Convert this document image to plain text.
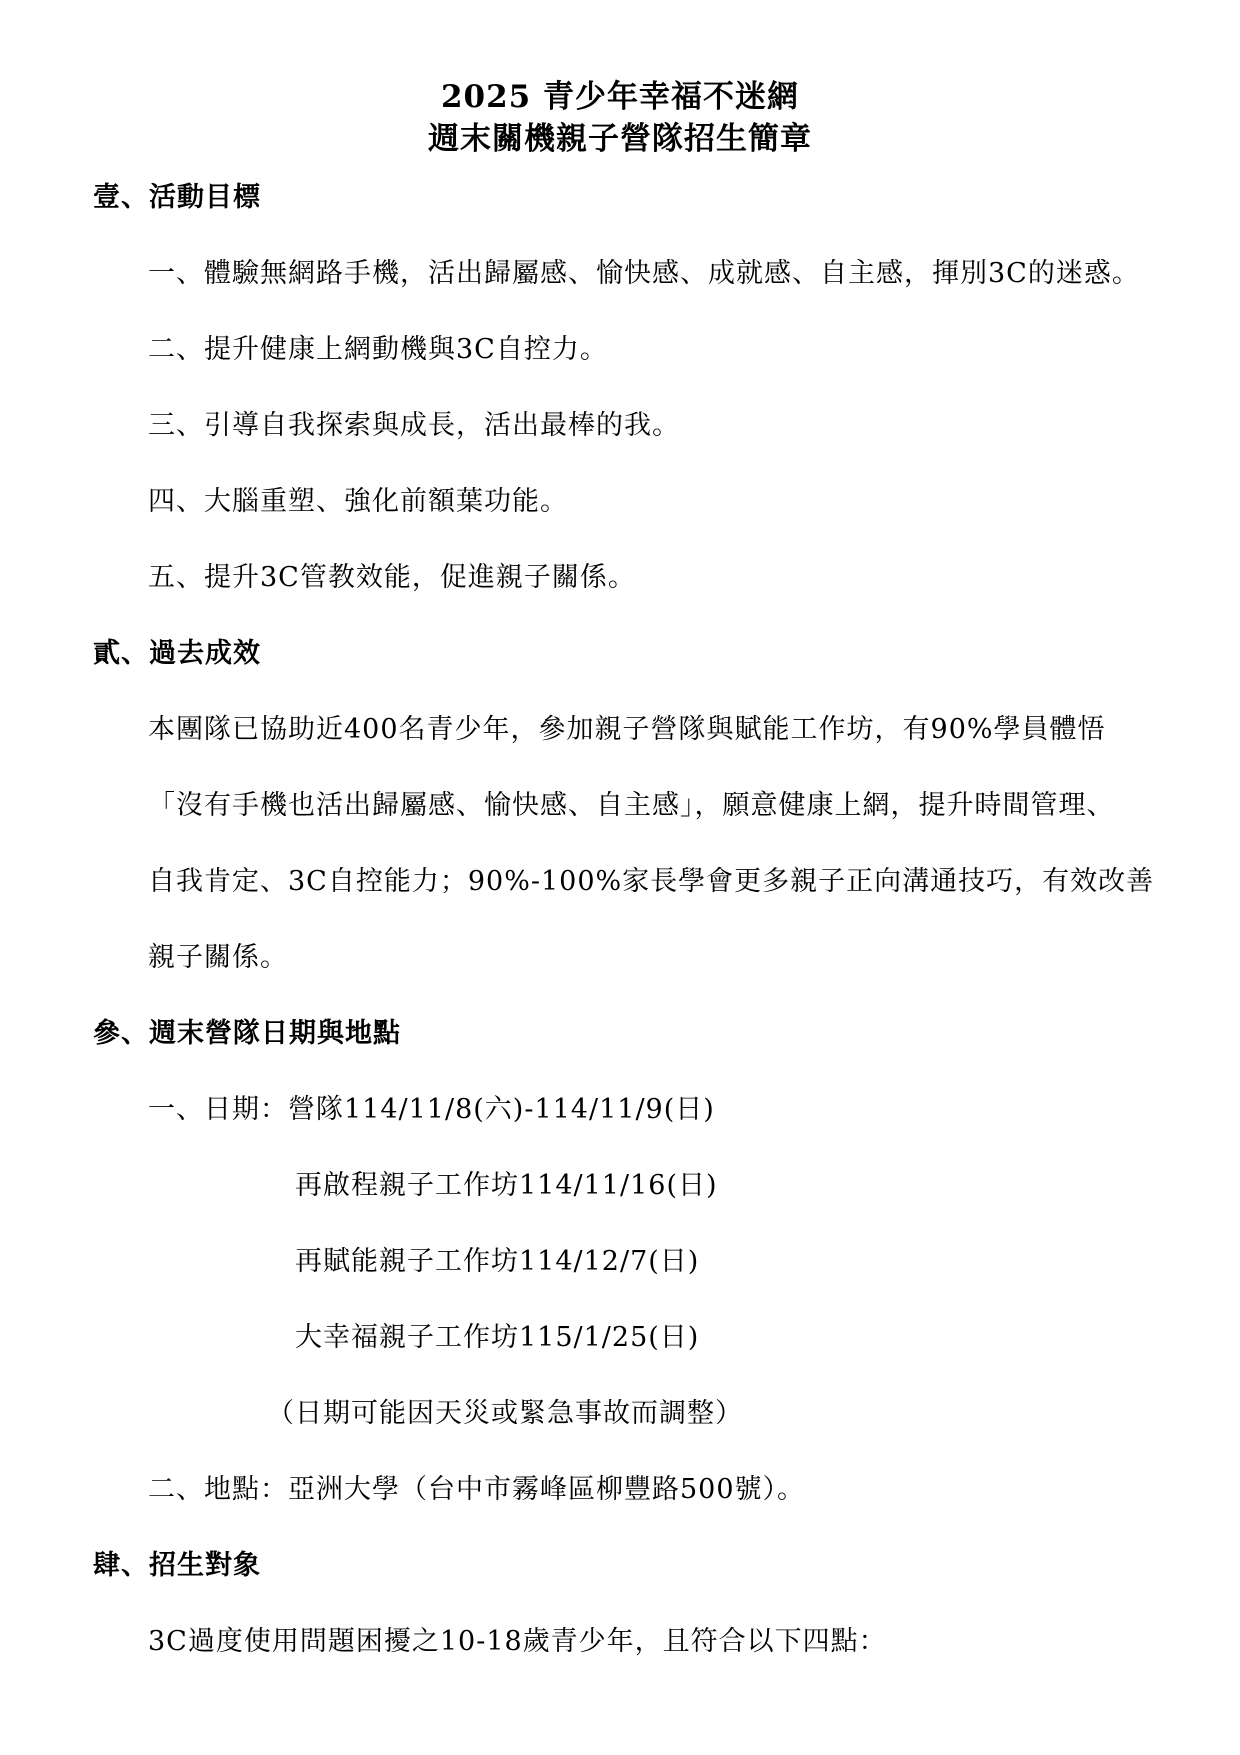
2025 青少年幸福不迷網
週末關機親子營隊招生簡章
壹、活動目標
一、體驗無網路手機，活出歸屬感、愉快感、成就感、自主感，揮別3C的迷惑。
二、提升健康上網動機與3C自控力。
三、引導自我探索與成長，活出最棒的我。
四、大腦重塑、強化前額葉功能。
五、提升3C管教效能，促進親子關係。
貳、過去成效
本團隊已協助近400名青少年，參加親子營隊與賦能工作坊，有90%學員體悟
「沒有手機也活出歸屬感、愉快感、自主感」，願意健康上網，提升時間管理、
自我肯定、3C自控能力；90%-100%家長學會更多親子正向溝通技巧，有效改善
親子關係。
參、週末營隊日期與地點
一、日期：營隊114/11/8(六)-114/11/9(日)
再啟程親子工作坊114/11/16(日)
再賦能親子工作坊114/12/7(日)
大幸福親子工作坊115/1/25(日)
（日期可能因天災或緊急事故而調整）
二、地點：亞洲大學（台中市霧峰區柳豐路500號）。
肆、招生對象
3C過度使用問題困擾之10-18歲青少年，且符合以下四點：
